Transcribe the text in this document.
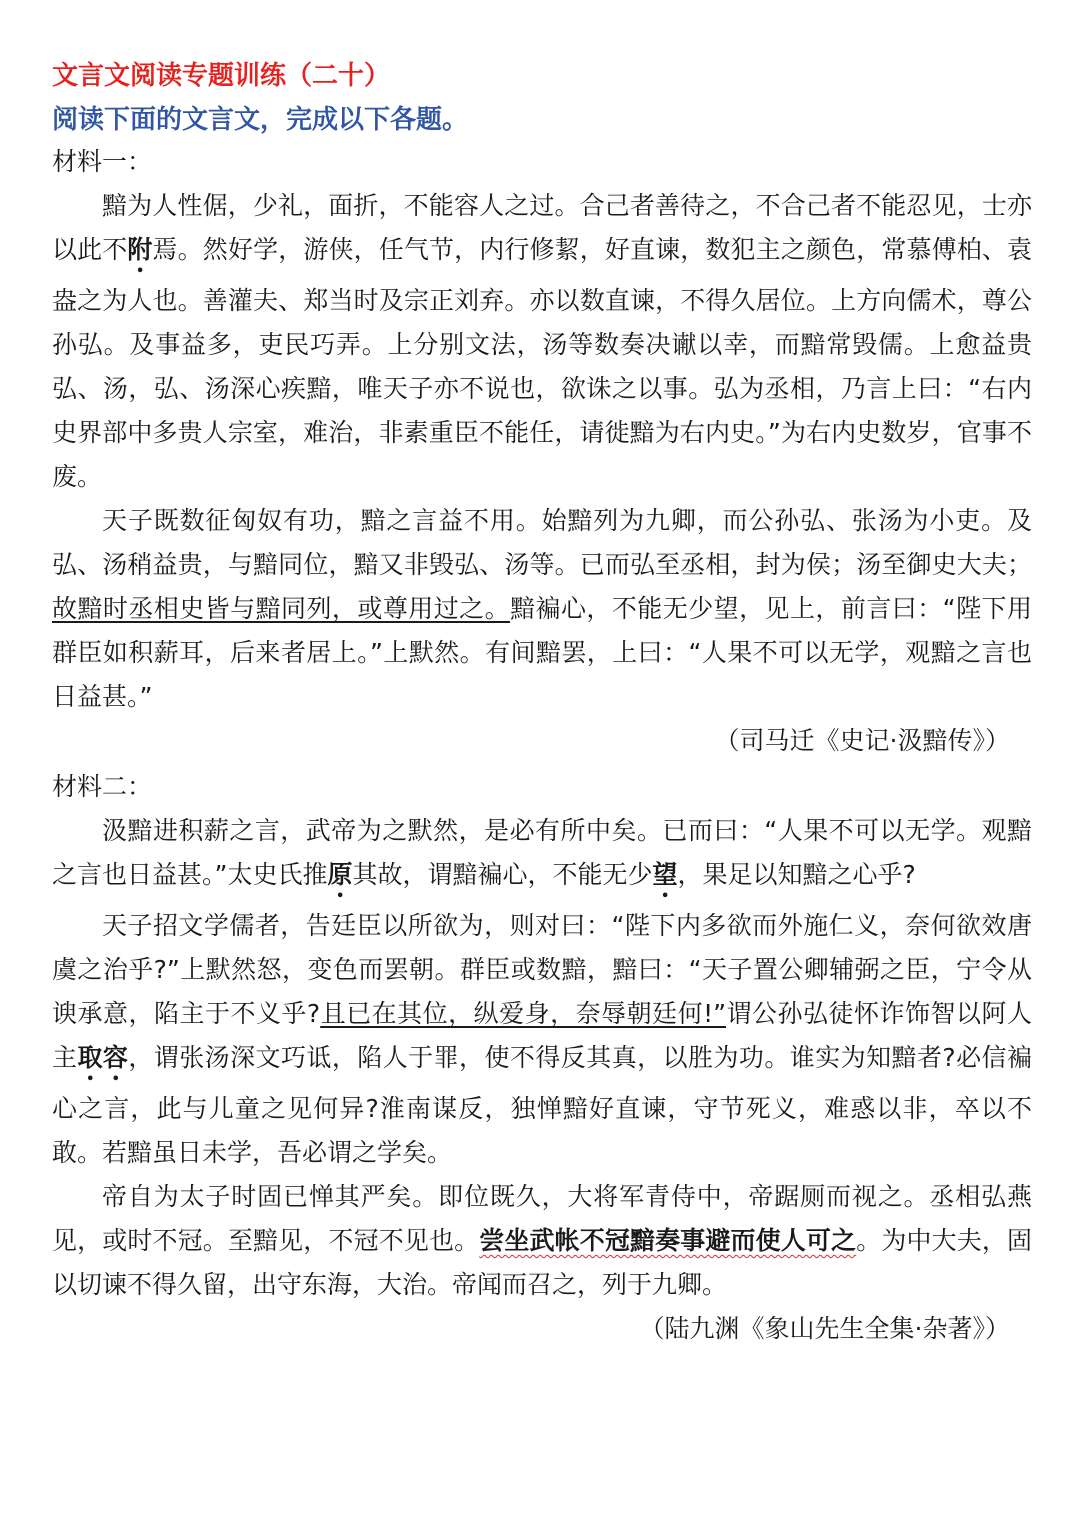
文言文阅读专题训练（二十）
阅读下面的文言文，完成以下各题。

材料一：

黯为人性倨，少礼，面折，不能容人之过。合己者善待之，不合己者不能忍见，士亦以此不附焉。然好学，游侠，任气节，内行修絜，好直谏，数犯主之颜色，常慕傅柏、袁盎之为人也。善灌夫、郑当时及宗正刘弃。亦以数直谏，不得久居位。上方向儒术，尊公孙弘。及事益多，吏民巧弄。上分别文法，汤等数奏决谳以幸，而黯常毁儒。上愈益贵弘、汤，弘、汤深心疾黯，唯天子亦不说也，欲诛之以事。弘为丞相，乃言上曰：“右内史界部中多贵人宗室，难治，非素重臣不能任，请徙黯为右内史。”为右内史数岁，官事不废。

天子既数征匈奴有功，黯之言益不用。始黯列为九卿，而公孙弘、张汤为小吏。及弘、汤稍益贵，与黯同位，黯又非毁弘、汤等。已而弘至丞相，封为侯；汤至御史大夫；故黯时丞相史皆与黯同列，或尊用过之。黯褊心，不能无少望，见上，前言曰：“陛下用群臣如积薪耳，后来者居上。”上默然。有间黯罢，上曰：“人果不可以无学，观黯之言也日益甚。”

（司马迁《史记·汲黯传》）

材料二：

汲黯进积薪之言，武帝为之默然，是必有所中矣。已而曰：“人果不可以无学。观黯之言也日益甚。”太史氏推原其故，谓黯褊心，不能无少望，果足以知黯之心乎?

天子招文学儒者，告廷臣以所欲为，则对曰：“陛下内多欲而外施仁义，奈何欲效唐虞之治乎?”上默然怒，变色而罢朝。群臣或数黯，黯曰：“天子置公卿辅弼之臣，宁令从谀承意，陷主于不义乎?且已在其位，纵爱身，奈辱朝廷何!”谓公孙弘徒怀诈饰智以阿人主取容，谓张汤深文巧诋，陷人于罪，使不得反其真，以胜为功。谁实为知黯者?必信褊心之言，此与儿童之见何异?淮南谋反，独惮黯好直谏，守节死义，难惑以非，卒以不敢。若黯虽日未学，吾必谓之学矣。

帝自为太子时固已惮其严矣。即位既久，大将军青侍中，帝踞厕而视之。丞相弘燕见，或时不冠。至黯见，不冠不见也。尝坐武帐不冠黯奏事避而使人可之。为中大夫，固以切谏不得久留，出守东海，大治。帝闻而召之，列于九卿。

（陆九渊《象山先生全集·杂著》）
